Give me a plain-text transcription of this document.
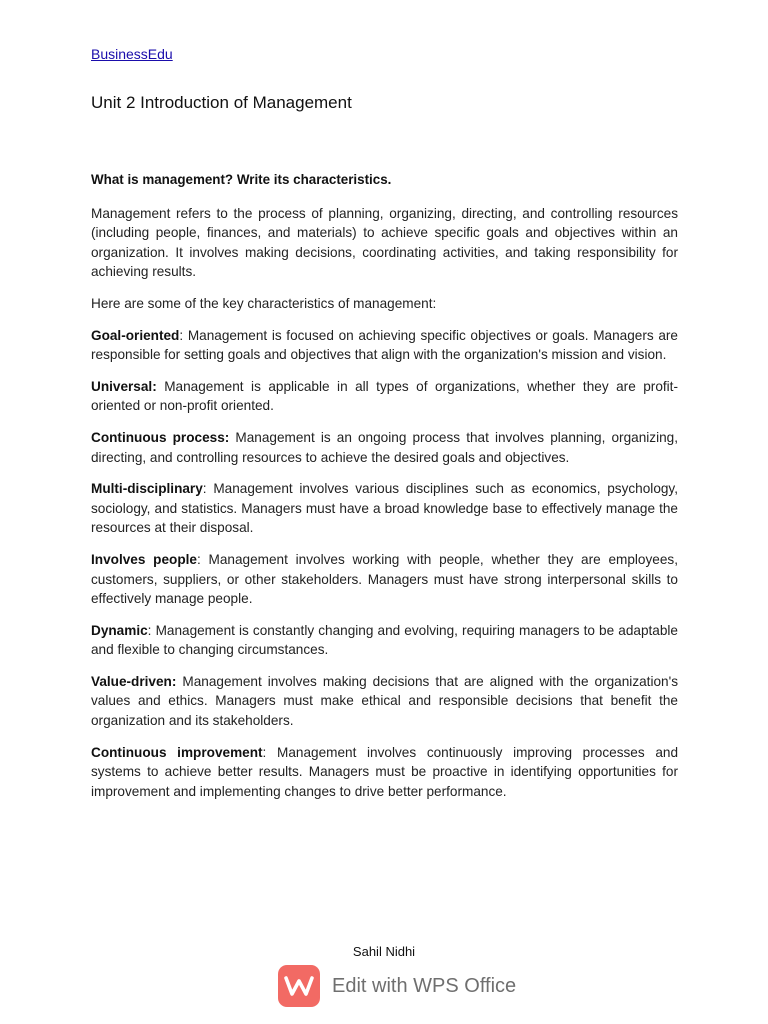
BusinessEdu
Unit 2 Introduction of Management

What is management? Write its characteristics.

Management refers to the process of planning, organizing, directing, and controlling resources (including people, finances, and materials) to achieve specific goals and objectives within an organization. It involves making decisions, coordinating activities, and taking responsibility for achieving results.

Here are some of the key characteristics of management:

Goal-oriented: Management is focused on achieving specific objectives or goals. Managers are responsible for setting goals and objectives that align with the organization's mission and vision.

Universal: Management is applicable in all types of organizations, whether they are profit-oriented or non-profit oriented.

Continuous process: Management is an ongoing process that involves planning, organizing, directing, and controlling resources to achieve the desired goals and objectives.

Multi-disciplinary: Management involves various disciplines such as economics, psychology, sociology, and statistics. Managers must have a broad knowledge base to effectively manage the resources at their disposal.

Involves people: Management involves working with people, whether they are employees, customers, suppliers, or other stakeholders. Managers must have strong interpersonal skills to effectively manage people.

Dynamic: Management is constantly changing and evolving, requiring managers to be adaptable and flexible to changing circumstances.

Value-driven: Management involves making decisions that are aligned with the organization's values and ethics. Managers must make ethical and responsible decisions that benefit the organization and its stakeholders.

Continuous improvement: Management involves continuously improving processes and systems to achieve better results. Managers must be proactive in identifying opportunities for improvement and implementing changes to drive better performance.

Sahil Nidhi
Edit with WPS Office
